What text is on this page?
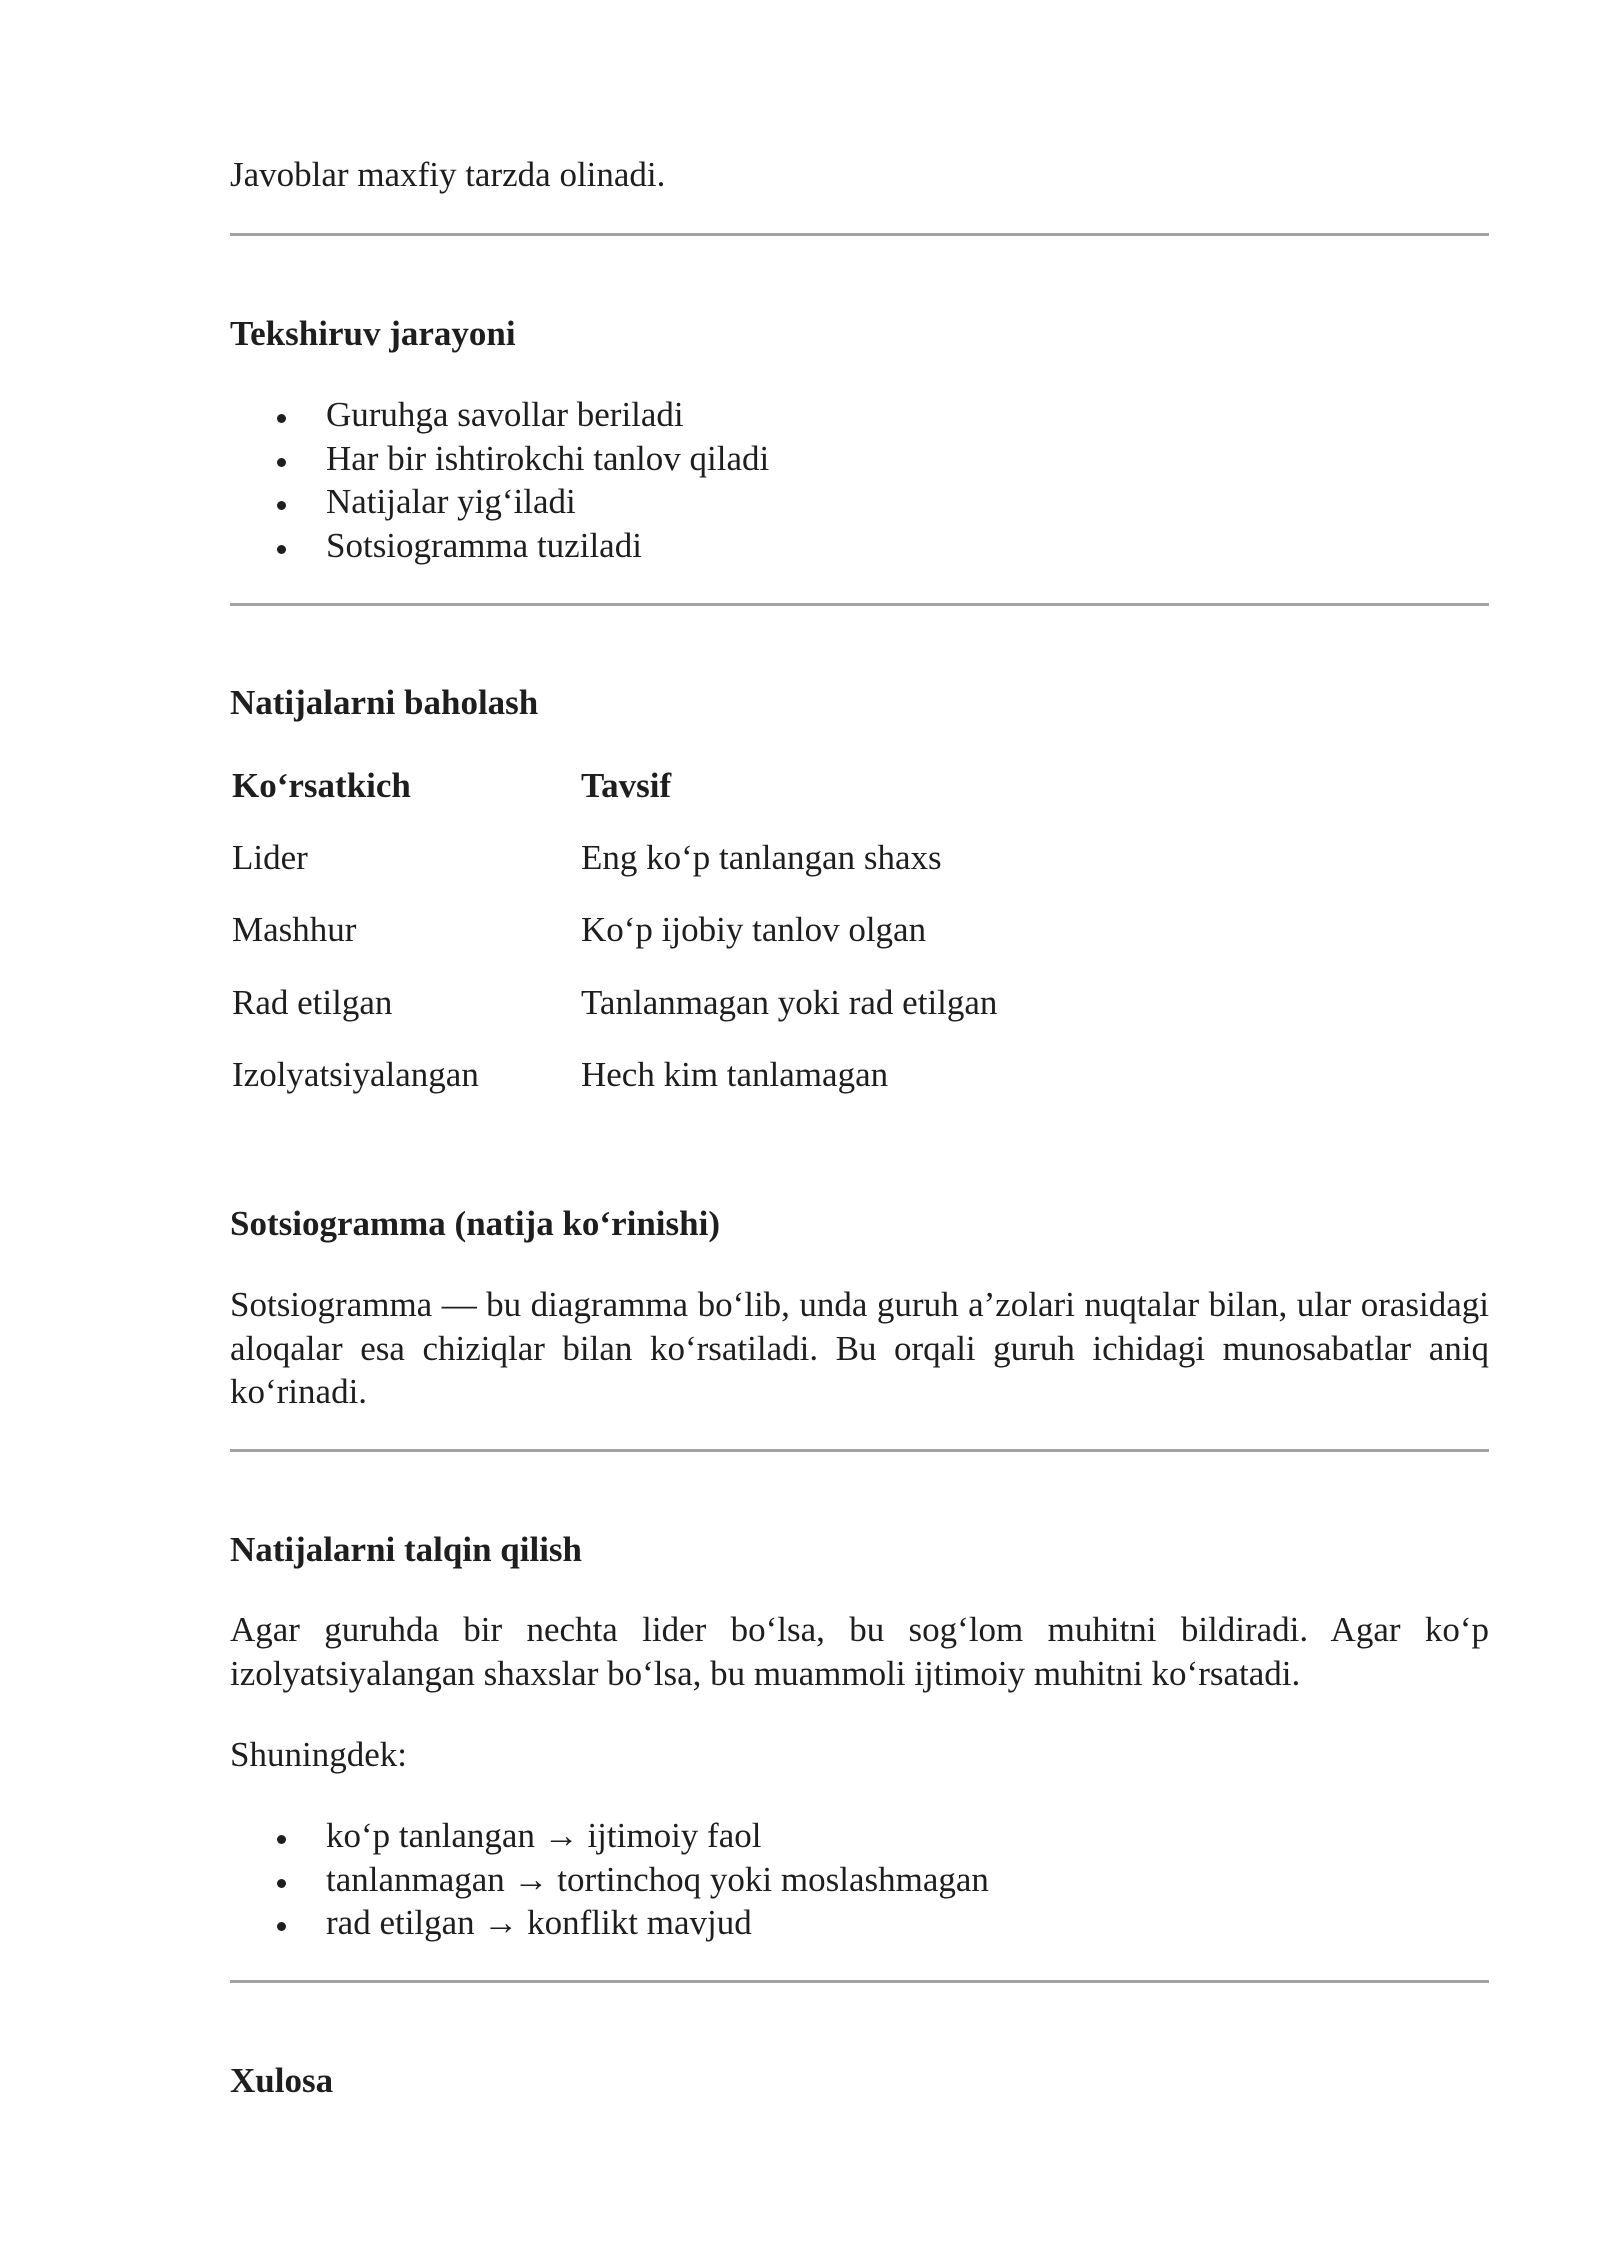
Javoblar maxfiy tarzda olinadi.

Tekshiruv jarayoni

Guruhga savollar beriladi
Har bir ishtirokchi tanlov qiladi
Natijalar yig‘iladi
Sotsiogramma tuziladi

Natijalarni baholash

Ko‘rsatkich	Tavsif
Lider	Eng ko‘p tanlangan shaxs
Mashhur	Ko‘p ijobiy tanlov olgan
Rad etilgan	Tanlanmagan yoki rad etilgan
Izolyatsiyalangan	Hech kim tanlamagan

Sotsiogramma (natija ko‘rinishi)

Sotsiogramma — bu diagramma bo‘lib, unda guruh a’zolari nuqtalar bilan, ular orasidagi aloqalar esa chiziqlar bilan ko‘rsatiladi. Bu orqali guruh ichidagi munosabatlar aniq ko‘rinadi.

Natijalarni talqin qilish

Agar guruhda bir nechta lider bo‘lsa, bu sog‘lom muhitni bildiradi. Agar ko‘p izolyatsiyalangan shaxslar bo‘lsa, bu muammoli ijtimoiy muhitni ko‘rsatadi.

Shuningdek:

ko‘p tanlangan → ijtimoiy faol
tanlanmagan → tortinchoq yoki moslashmagan
rad etilgan → konflikt mavjud

Xulosa
